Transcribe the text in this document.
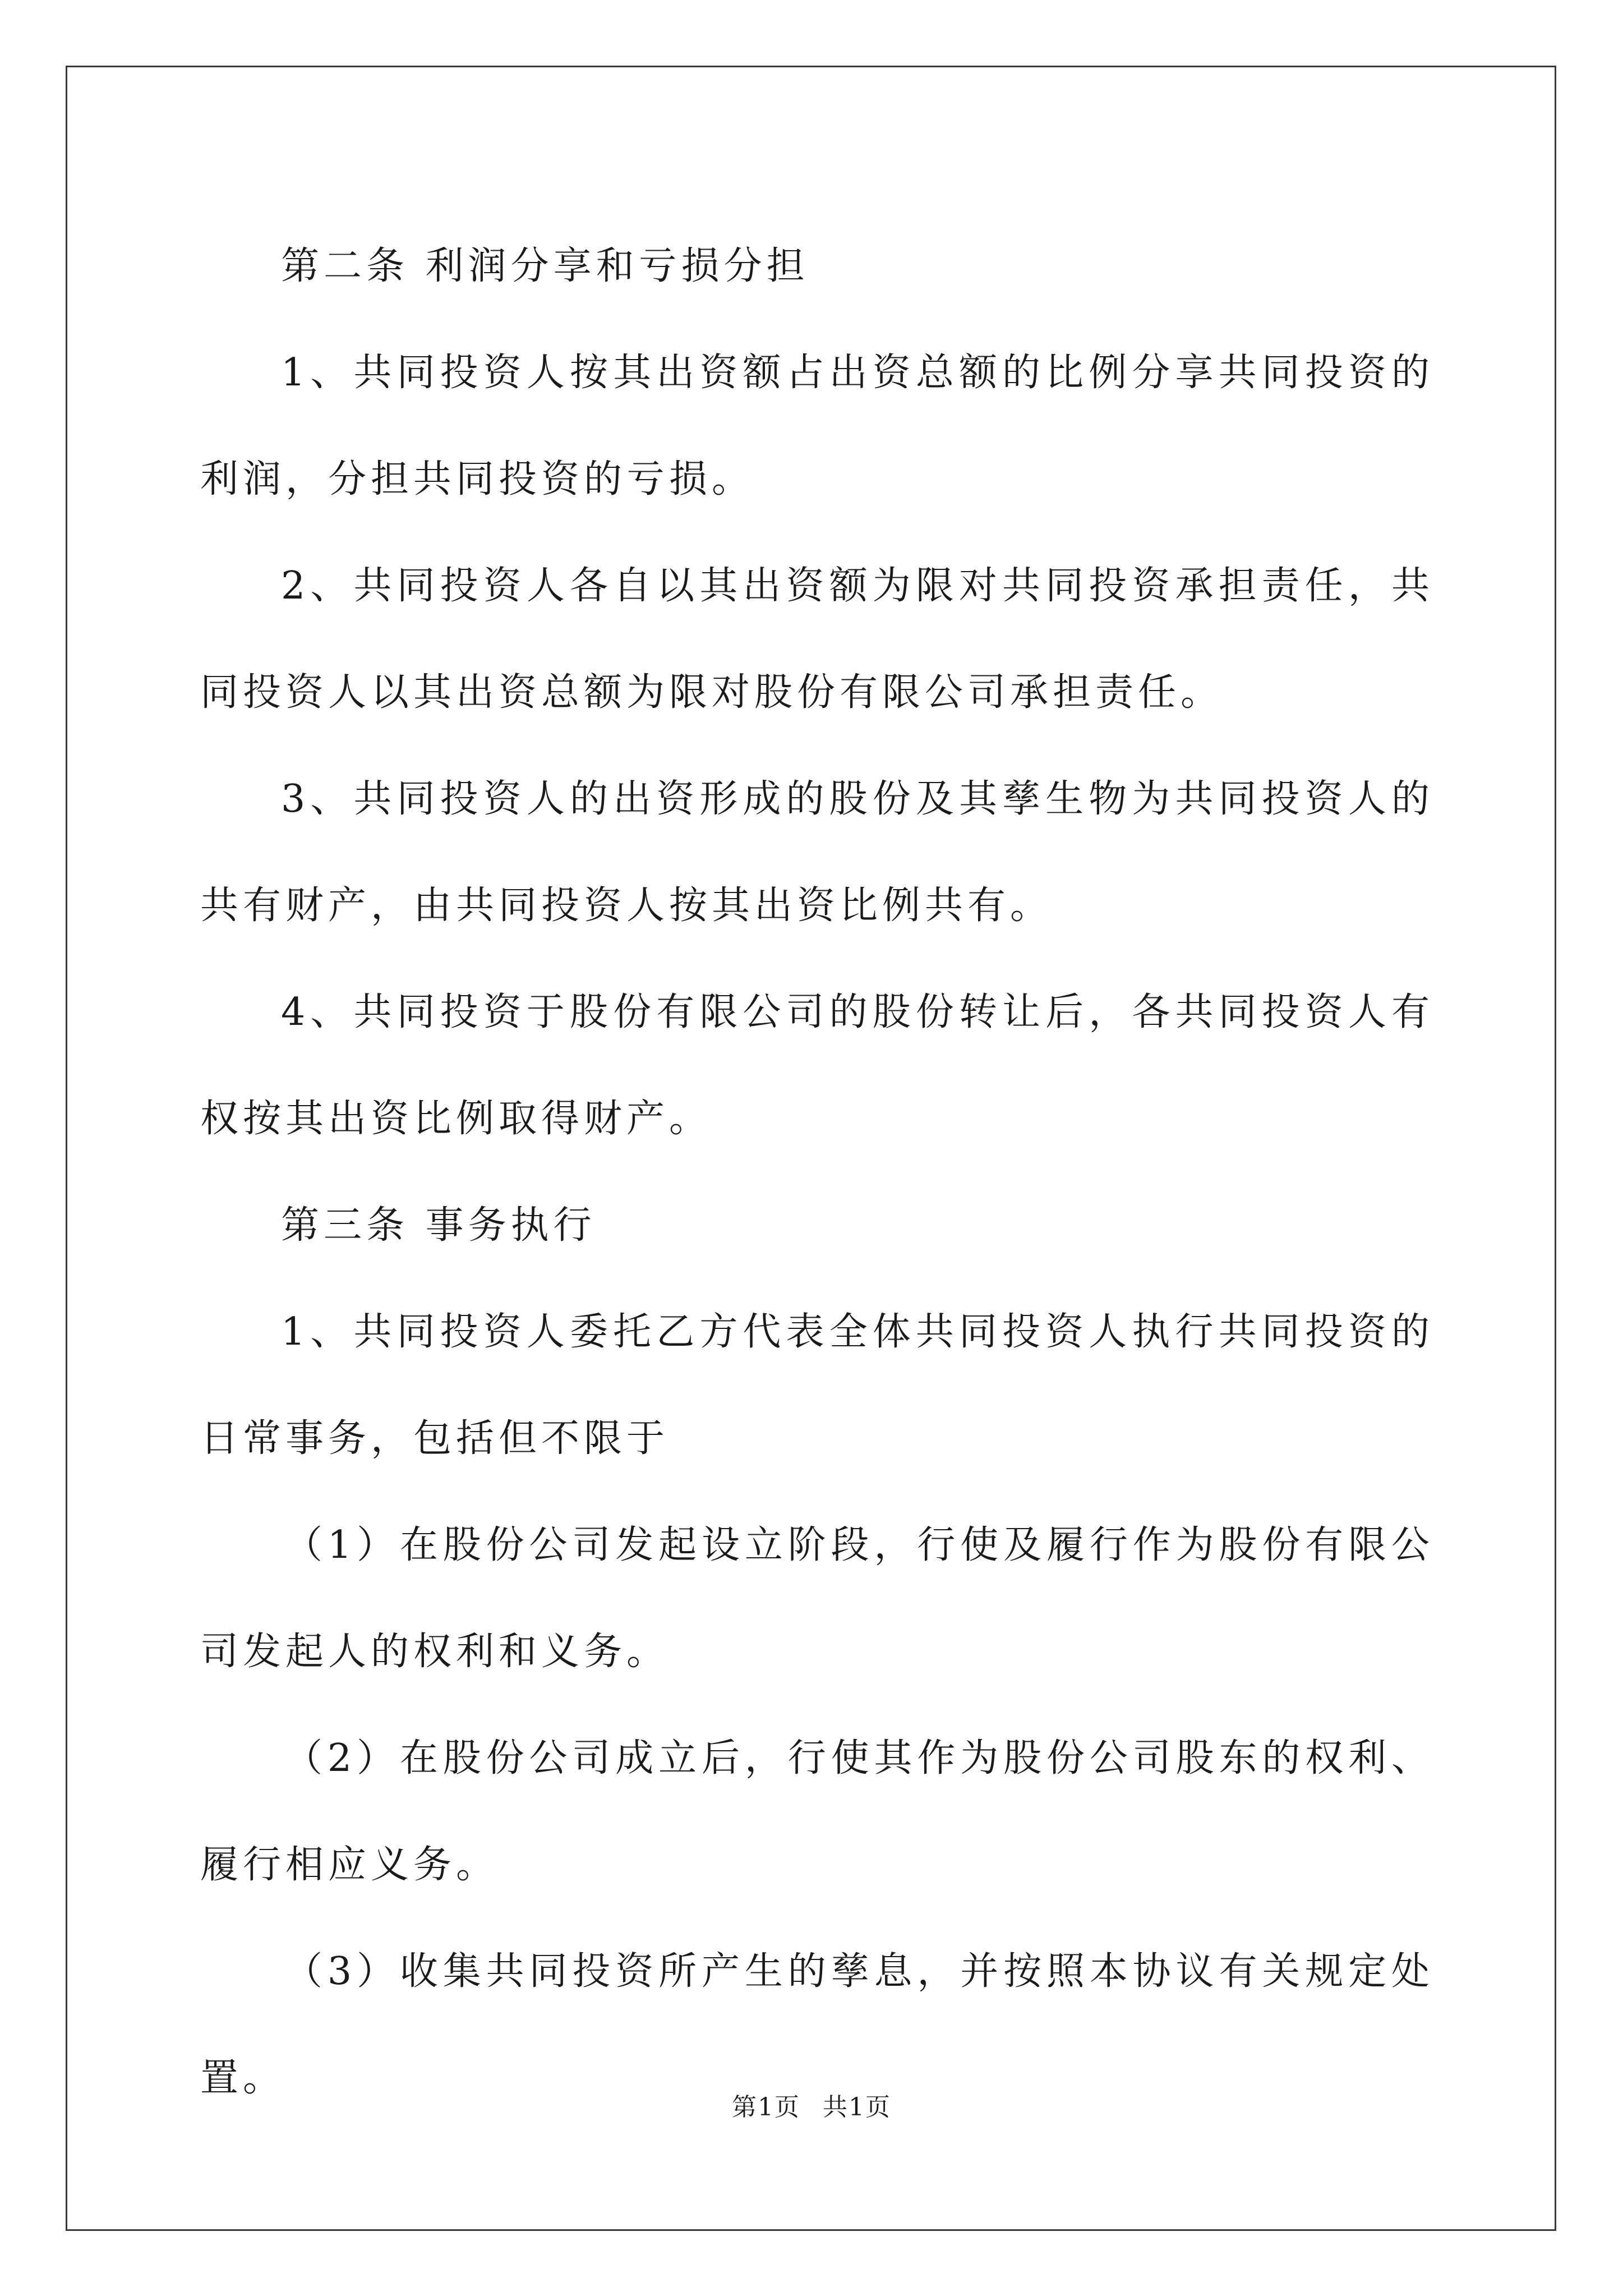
第二条 利润分享和亏损分担

1、共同投资人按其出资额占出资总额的比例分享共同投资的利润，分担共同投资的亏损。

2、共同投资人各自以其出资额为限对共同投资承担责任，共同投资人以其出资总额为限对股份有限公司承担责任。

3、共同投资人的出资形成的股份及其孳生物为共同投资人的共有财产，由共同投资人按其出资比例共有。

4、共同投资于股份有限公司的股份转让后，各共同投资人有权按其出资比例取得财产。

第三条 事务执行

1、共同投资人委托乙方代表全体共同投资人执行共同投资的日常事务，包括但不限于

（1）在股份公司发起设立阶段，行使及履行作为股份有限公司发起人的权利和义务。

（2）在股份公司成立后，行使其作为股份公司股东的权利、履行相应义务。

（3）收集共同投资所产生的孳息，并按照本协议有关规定处置。

第1页 共1页
